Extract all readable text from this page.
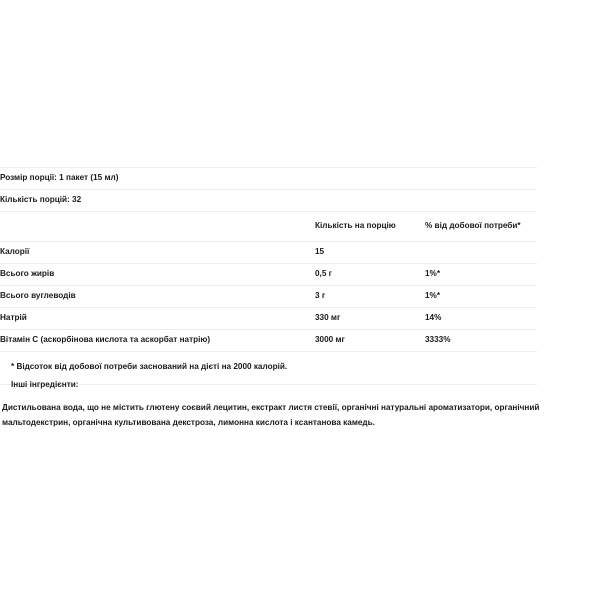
Розмір порції: 1 пакет (15 мл)		
Кількість порцій: 32		
	Кількість на порцію	% від добової потреби*
Калорії	15	
Всього жирів	0,5 г	1%*
Всього вуглеводів	3 г	1%*
Натрій	330 мг	14%
Вітамін С (аскорбінова кислота та аскорбат натрію)	3000 мг	3333%
* Відсоток від добової потреби заснований на дієті на 2000 калорій.		
Інші інгредієнти:
Дистильована вода, що не містить глютену соєвий лецитин, екстракт листя стевії, органічні натуральні ароматизатори, органічний мальтодекстрин, органічна культивована декстроза, лимонна кислота і ксантанова камедь.
